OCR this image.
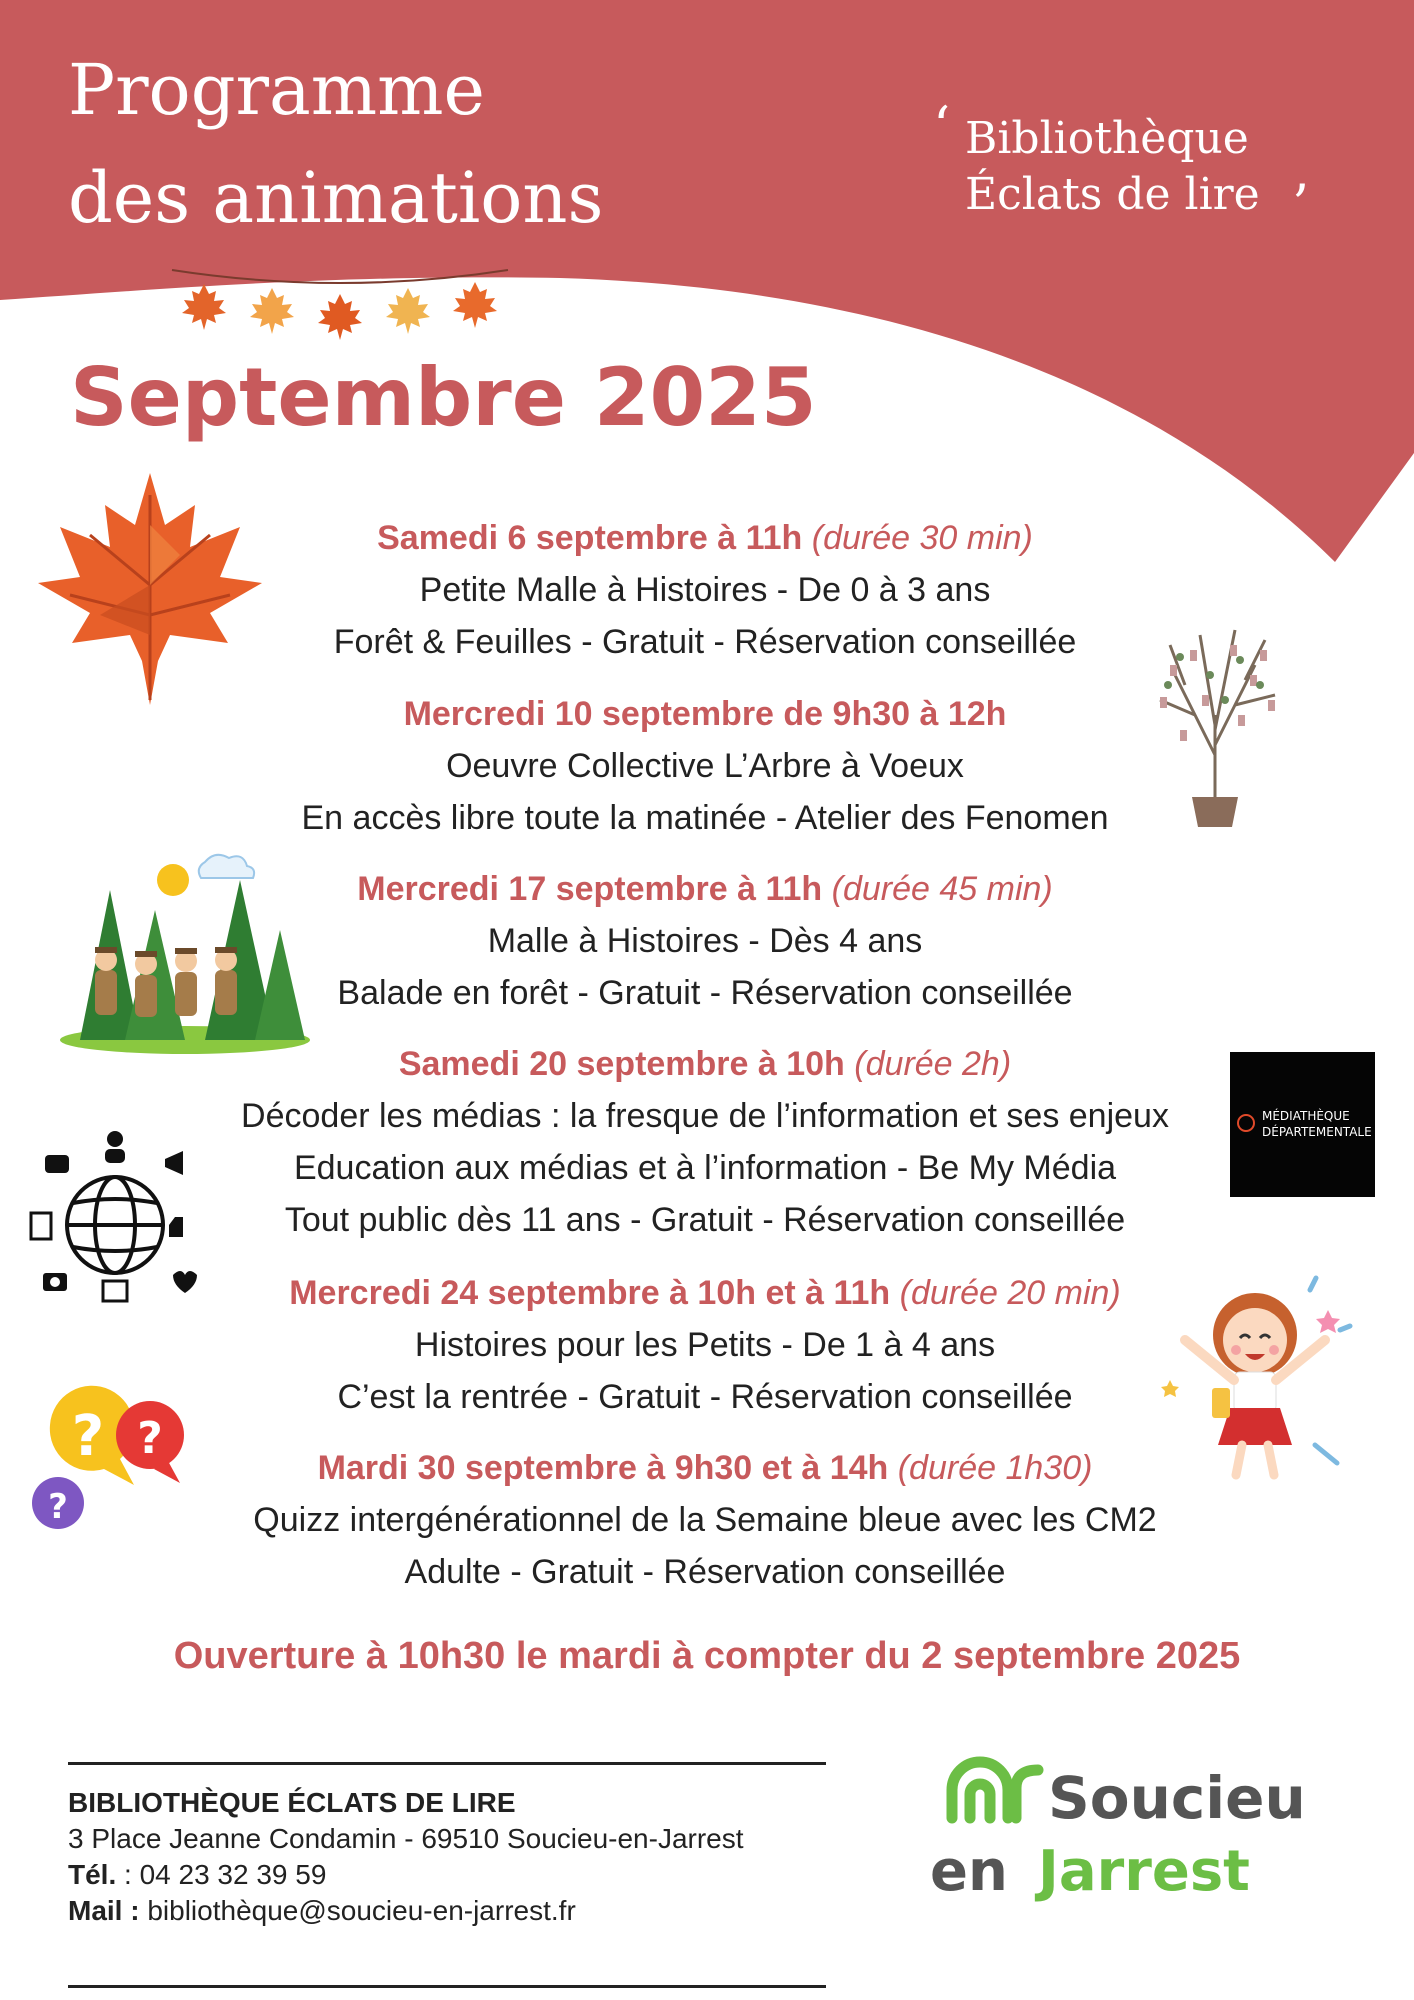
Programme
des animations
‘ Bibliothèque
Éclats de lire ’
Septembre 2025
MÉDIATHÈQUE
DÉPARTEMENTALE
? ?
?
Samedi 6 septembre à 11h (durée 30 min)
Petite Malle à Histoires - De 0 à 3 ans
Forêt & Feuilles - Gratuit - Réservation conseillée
Mercredi 10 septembre de 9h30 à 12h
Oeuvre Collective L’Arbre à Voeux
En accès libre toute la matinée - Atelier des Fenomen
Mercredi 17 septembre à 11h (durée 45 min)
Malle à Histoires - Dès 4 ans
Balade en forêt - Gratuit - Réservation conseillée
Samedi 20 septembre à 10h (durée 2h)
Décoder les médias : la fresque de l’information et ses enjeux
Education aux médias et à l’information - Be My Média
Tout public dès 11 ans - Gratuit - Réservation conseillée
Mercredi 24 septembre à 10h et à 11h (durée 20 min)
Histoires pour les Petits - De 1 à 4 ans
C’est la rentrée - Gratuit - Réservation conseillée
Mardi 30 septembre à 9h30 et à 14h (durée 1h30)
Quizz intergénérationnel de la Semaine bleue avec les CM2
Adulte - Gratuit - Réservation conseillée
Ouverture à 10h30 le mardi à compter du 2 septembre 2025
BIBLIOTHÈQUE ÉCLATS DE LIRE
3 Place Jeanne Condamin - 69510 Soucieu-en-Jarrest
Tél. : 04 23 32 39 59
Mail : bibliothèque@soucieu-en-jarrest.fr
Soucieu
en Jarrest
